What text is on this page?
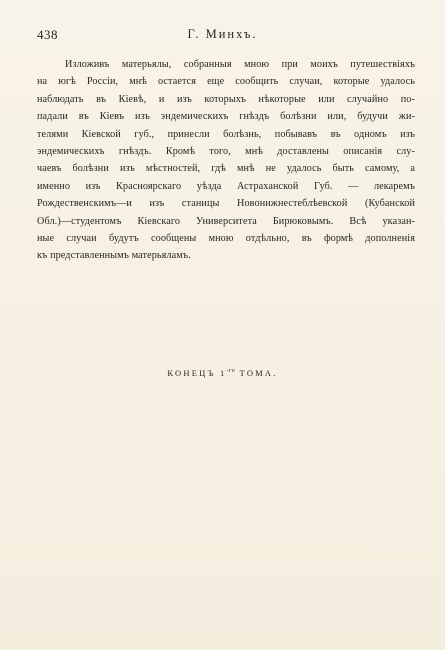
438	Г. Минхъ.
Изложивъ матерьялы, собранныя мною при моихъ путешествіяхъ
на югѣ Россіи, мнѣ остается еще сообщить случаи, которые удалось
наблюдать въ Кіевѣ, и изъ которыхъ нѣкоторые или случайно по-
падали въ Кіевъ изъ эндемическихъ гнѣздъ болѣзни или, будучи жи-
телями Кіевской губ., принесли болѣзнь, побывавъ въ одномъ изъ
эндемическихъ гнѣздъ. Кромѣ того, мнѣ доставлены описанія слу-
чаевъ болѣзни изъ мѣстностей, гдѣ мнѣ не удалось быть самому, а
именно изъ Красноярскаго уѣзда Астраханской Губ. — лекаремъ
Рождественскимъ—и изъ станицы Новонижнестеблѣевской (Кубанской
Обл.)—студентомъ Кіевскаго Университета Бирюковымъ. Всѣ указан-
ные случаи будутъ сообщены мною отдѣльно, въ формѣ дополненія
къ представленнымъ матерьяламъ.
КОНЕЦЪ $1^{-го}$ ТОМА.
